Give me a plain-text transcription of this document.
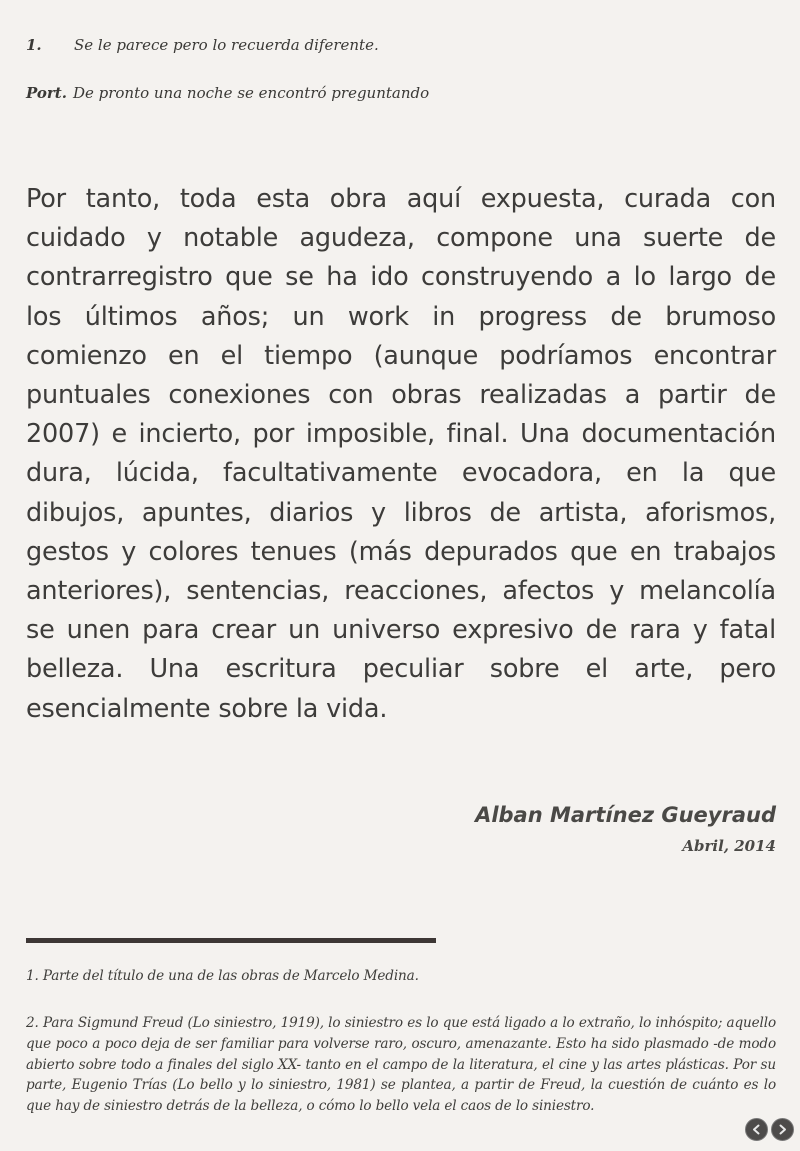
1. Se le parece pero lo recuerda diferente.
Port. De pronto una noche se encontró preguntando

Por tanto, toda esta obra aquí expuesta, curada con cuidado y notable agudeza, compone una suerte de contrarregistro que se ha ido construyendo a lo largo de los últimos años; un work in progress de brumoso comienzo en el tiempo (aunque podríamos encontrar puntuales conexiones con obras realizadas a partir de 2007) e incierto, por imposible, final. Una documentación dura, lúcida, facultativamente evocadora, en la que dibujos, apuntes, diarios y libros de artista, aforismos, gestos y colores tenues (más depurados que en trabajos anteriores), sentencias, reacciones, afectos y melancolía se unen para crear un universo expresivo de rara y fatal belleza. Una escritura peculiar sobre el arte, pero esencialmente sobre la vida.

Alban Martínez Gueyraud
Abril, 2014

1. Parte del título de una de las obras de Marcelo Medina.

2. Para Sigmund Freud (Lo siniestro, 1919), lo siniestro es lo que está ligado a lo extraño, lo inhóspito; aquello que poco a poco deja de ser familiar para volverse raro, oscuro, amenazante. Esto ha sido plasmado -de modo abierto sobre todo a finales del siglo XX- tanto en el campo de la literatura, el cine y las artes plásticas. Por su parte, Eugenio Trías (Lo bello y lo siniestro, 1981) se plantea, a partir de Freud, la cuestión de cuánto es lo que hay de siniestro detrás de la belleza, o cómo lo bello vela el caos de lo siniestro.
